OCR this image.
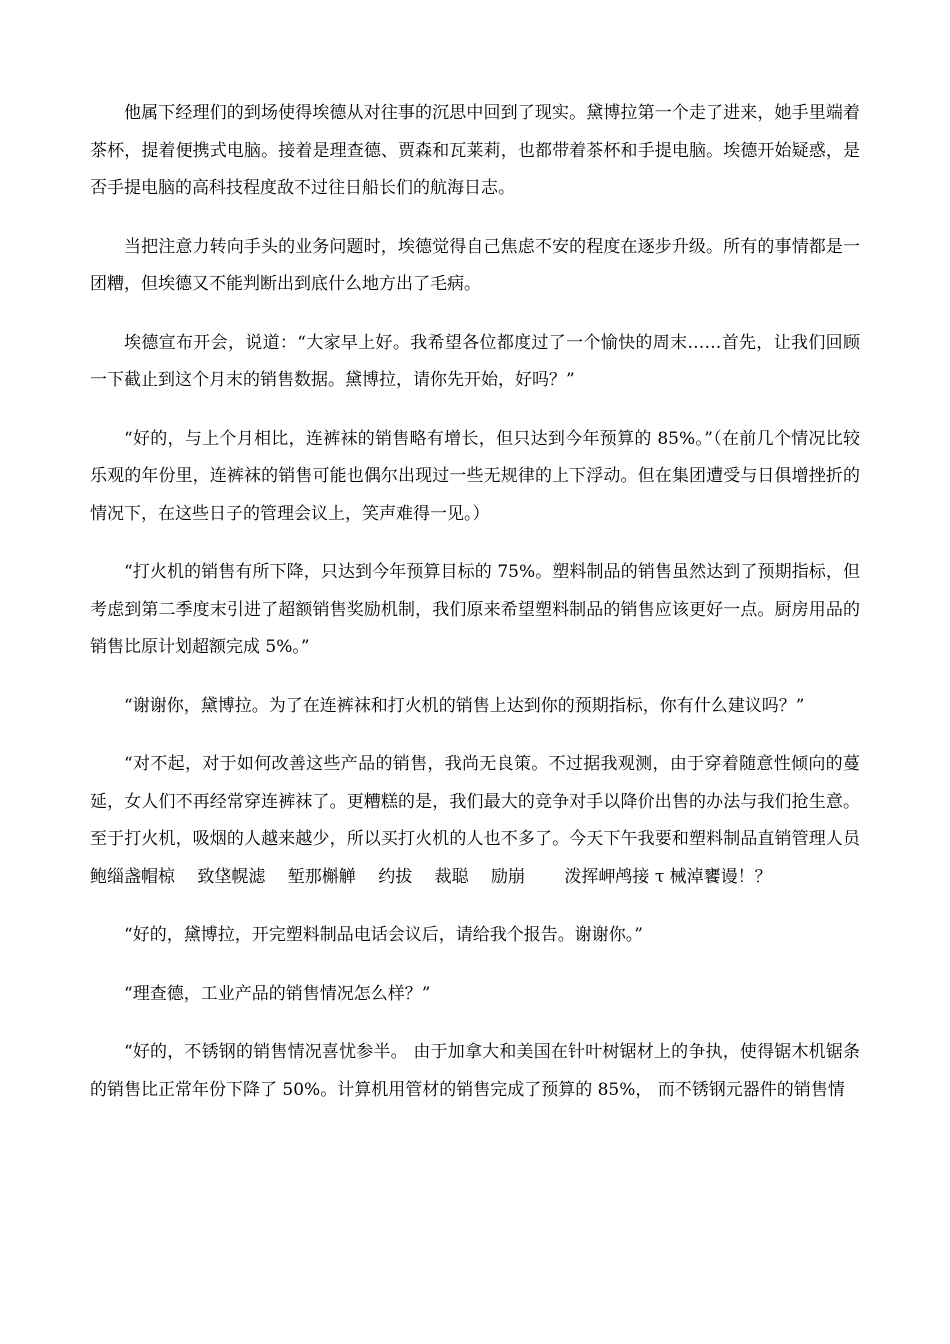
他属下经理们的到场使得埃德从对往事的沉思中回到了现实。黛博拉第一个走了进来，她手里端着茶杯，提着便携式电脑。接着是理查德、贾森和瓦莱莉，也都带着茶杯和手提电脑。埃德开始疑惑，是否手提电脑的高科技程度敌不过往日船长们的航海日志。

当把注意力转向手头的业务问题时，埃德觉得自己焦虑不安的程度在逐步升级。所有的事情都是一团糟，但埃德又不能判断出到底什么地方出了毛病。

埃德宣布开会，说道：“大家早上好。我希望各位都度过了一个愉快的周末……首先，让我们回顾一下截止到这个月末的销售数据。黛博拉，请你先开始，好吗？”

“好的，与上个月相比，连裤袜的销售略有增长，但只达到今年预算的 85%。”（在前几个情况比较乐观的年份里，连裤袜的销售可能也偶尔出现过一些无规律的上下浮动。但在集团遭受与日俱增挫折的情况下，在这些日子的管理会议上，笑声难得一见。）

“打火机的销售有所下降，只达到今年预算目标的 75%。塑料制品的销售虽然达到了预期指标，但考虑到第二季度末引进了超额销售奖励机制，我们原来希望塑料制品的销售应该更好一点。厨房用品的销售比原计划超额完成 5%。”

“谢谢你，黛博拉。为了在连裤袜和打火机的销售上达到你的预期指标，你有什么建议吗？”

“对不起，对于如何改善这些产品的销售，我尚无良策。不过据我观测，由于穿着随意性倾向的蔓延，女人们不再经常穿连裤袜了。更糟糕的是，我们最大的竞争对手以降价出售的办法与我们抢生意。至于打火机，吸烟的人越来越少，所以买打火机的人也不多了。今天下午我要和塑料制品直销管理人员　 鲍缁盏帽椋　 致垡幌滤　 堑那槲觯　 约拔　 裁聪　 励崩　　 泼挥岬鸬接 τ 械淖饔谩！？

“好的，黛博拉，开完塑料制品电话会议后，请给我个报告。谢谢你。”

“理查德，工业产品的销售情况怎么样？”

“好的，不锈钢的销售情况喜忧参半。 由于加拿大和美国在针叶树锯材上的争执，使得锯木机锯条的销售比正常年份下降了 50%。计算机用管材的销售完成了预算的 85%， 而不锈钢元器件的销售情
